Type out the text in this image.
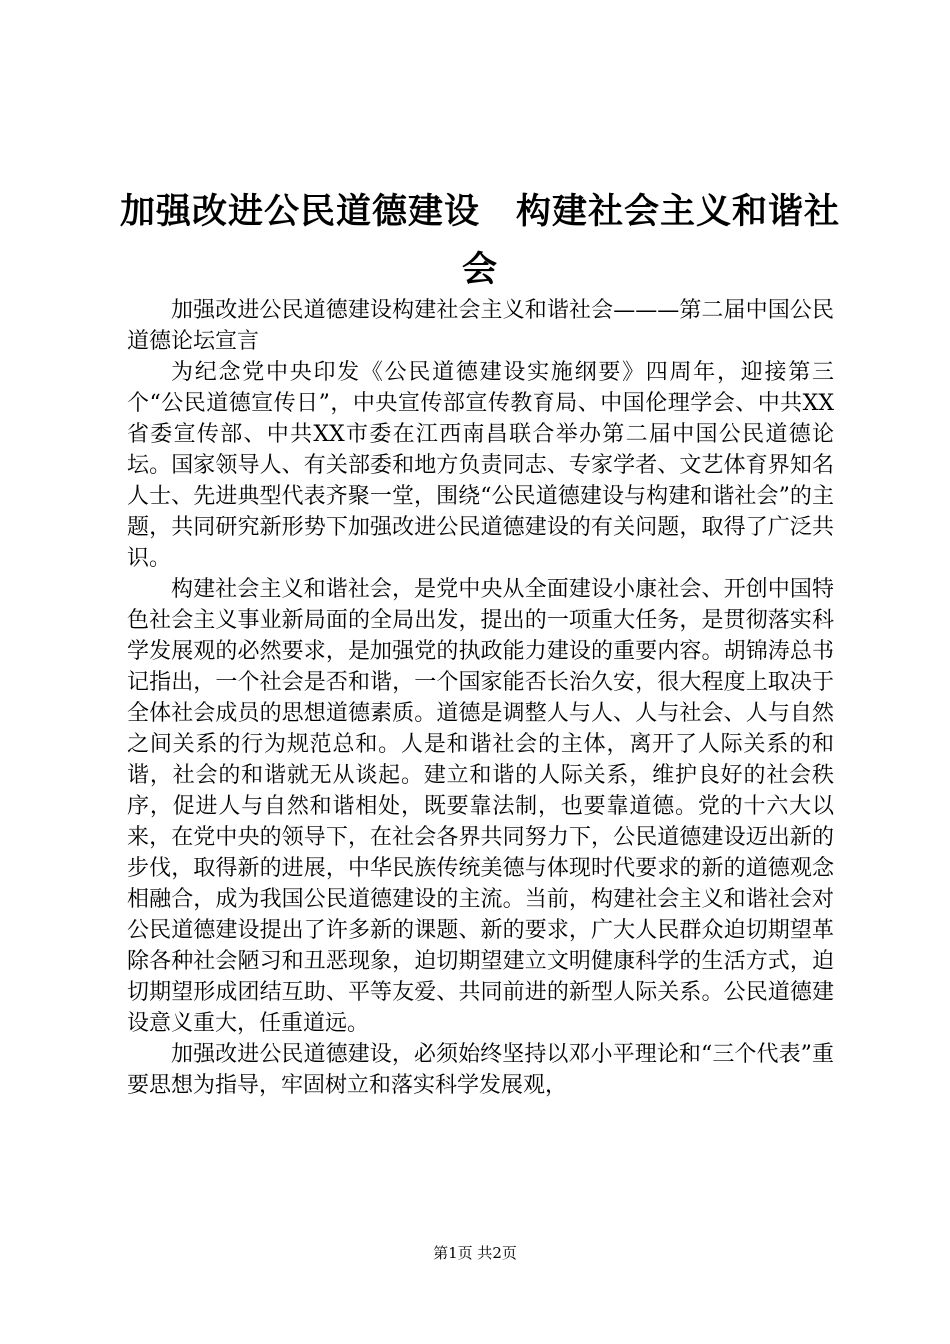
加强改进公民道德建设　构建社会主义和谐社会

加强改进公民道德建设构建社会主义和谐社会———第二届中国公民道德论坛宣言

为纪念党中央印发《公民道德建设实施纲要》四周年，迎接第三个“公民道德宣传日”，中央宣传部宣传教育局、中国伦理学会、中共XX省委宣传部、中共XX市委在江西南昌联合举办第二届中国公民道德论坛。国家领导人、有关部委和地方负责同志、专家学者、文艺体育界知名人士、先进典型代表齐聚一堂，围绕“公民道德建设与构建和谐社会”的主题，共同研究新形势下加强改进公民道德建设的有关问题，取得了广泛共识。

构建社会主义和谐社会，是党中央从全面建设小康社会、开创中国特色社会主义事业新局面的全局出发，提出的一项重大任务，是贯彻落实科学发展观的必然要求，是加强党的执政能力建设的重要内容。胡锦涛总书记指出，一个社会是否和谐，一个国家能否长治久安，很大程度上取决于全体社会成员的思想道德素质。道德是调整人与人、人与社会、人与自然之间关系的行为规范总和。人是和谐社会的主体，离开了人际关系的和谐，社会的和谐就无从谈起。建立和谐的人际关系，维护良好的社会秩序，促进人与自然和谐相处，既要靠法制，也要靠道德。党的十六大以来，在党中央的领导下，在社会各界共同努力下，公民道德建设迈出新的步伐，取得新的进展，中华民族传统美德与体现时代要求的新的道德观念相融合，成为我国公民道德建设的主流。当前，构建社会主义和谐社会对公民道德建设提出了许多新的课题、新的要求，广大人民群众迫切期望革除各种社会陋习和丑恶现象，迫切期望建立文明健康科学的生活方式，迫切期望形成团结互助、平等友爱、共同前进的新型人际关系。公民道德建设意义重大，任重道远。

加强改进公民道德建设，必须始终坚持以邓小平理论和“三个代表”重要思想为指导，牢固树立和落实科学发展观，

第1页 共2页
